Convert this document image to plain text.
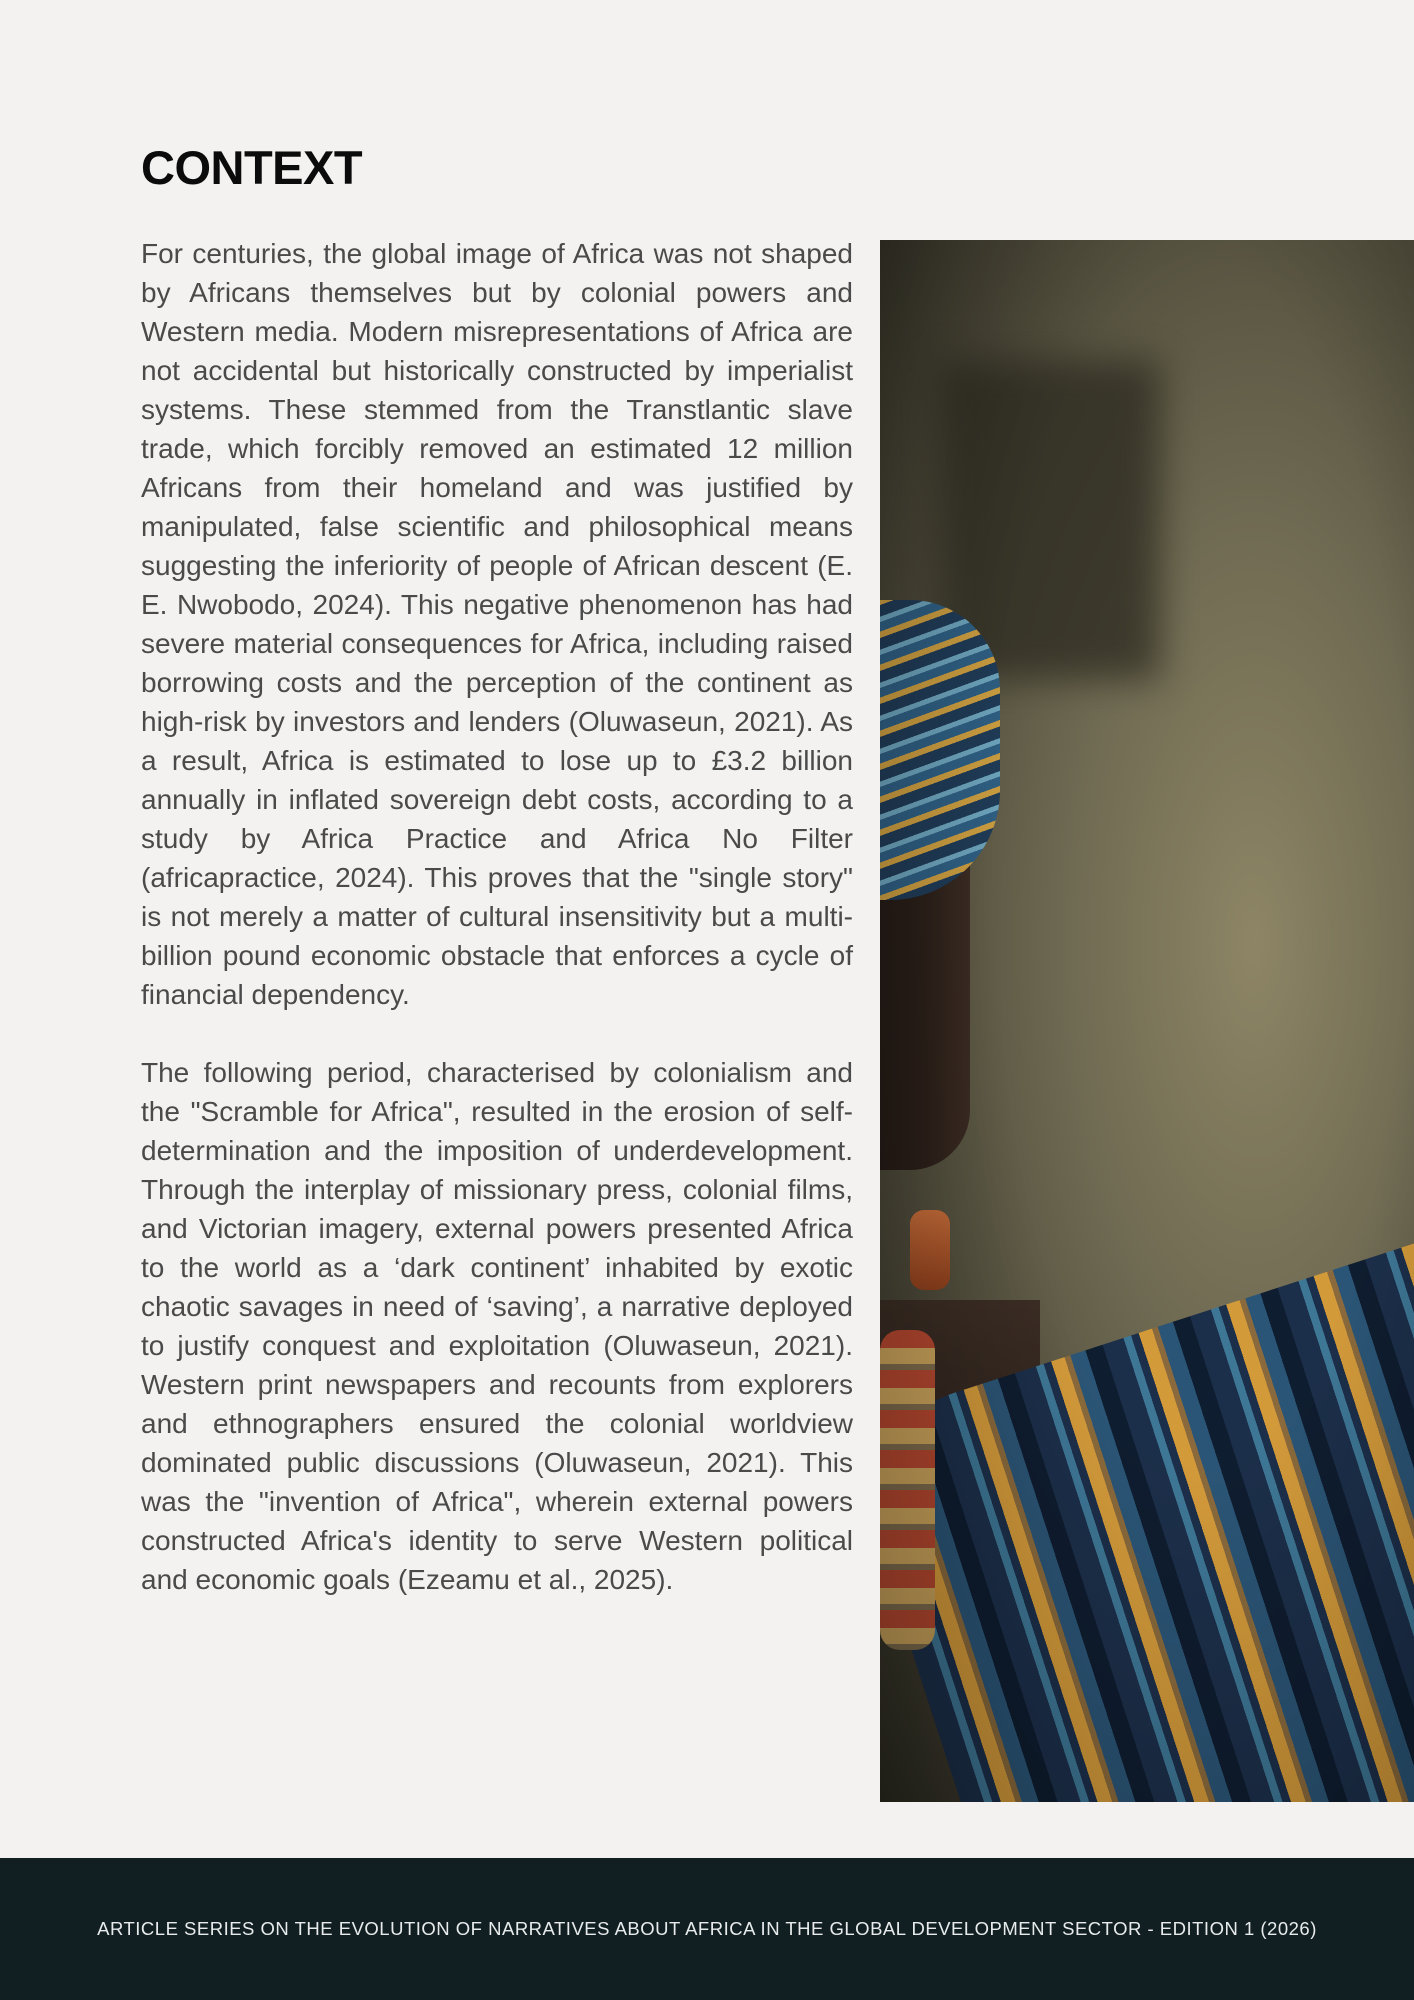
CONTEXT

For centuries, the global image of Africa was not shaped by Africans themselves but by colonial powers and Western media. Modern misrepresentations of Africa are not accidental but historically constructed by imperialist systems. These stemmed from the Transtlantic slave trade, which forcibly removed an estimated 12 million Africans from their homeland and was justified by manipulated, false scientific and philosophical means suggesting the inferiority of people of African descent (E. E. Nwobodo, 2024). This negative phenomenon has had severe material consequences for Africa, including raised borrowing costs and the perception of the continent as high-risk by investors and lenders (Oluwaseun, 2021). As a result, Africa is estimated to lose up to £3.2 billion annually in inflated sovereign debt costs, according to a study by Africa Practice and Africa No Filter (africapractice, 2024). This proves that the "single story" is not merely a matter of cultural insensitivity but a multi-billion pound economic obstacle that enforces a cycle of financial dependency.

The following period, characterised by colonialism and the "Scramble for Africa", resulted in the erosion of self-determination and the imposition of underdevelopment. Through the interplay of missionary press, colonial films, and Victorian imagery, external powers presented Africa to the world as a ‘dark continent’ inhabited by exotic chaotic savages in need of ‘saving’, a narrative deployed to justify conquest and exploitation (Oluwaseun, 2021). Western print newspapers and recounts from explorers and ethnographers ensured the colonial worldview dominated public discussions (Oluwaseun, 2021). This was the "invention of Africa", wherein external powers constructed Africa's identity to serve Western political and economic goals (Ezeamu et al., 2025).

ARTICLE SERIES ON THE EVOLUTION OF NARRATIVES ABOUT AFRICA IN THE GLOBAL DEVELOPMENT SECTOR - EDITION 1 (2026)
